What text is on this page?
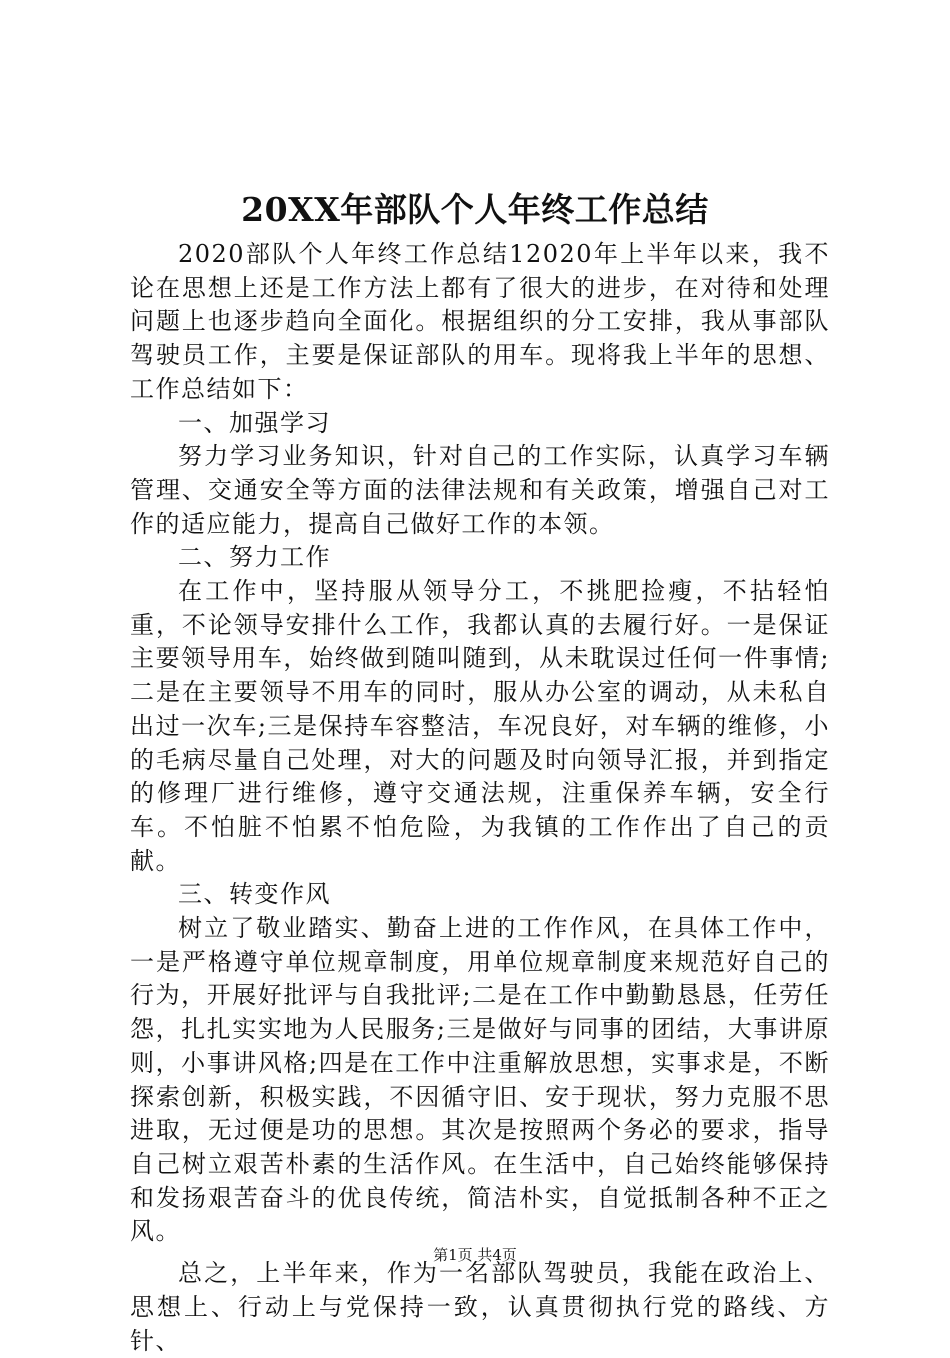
20XX年部队个人年终工作总结

2020部队个人年终工作总结12020年上半年以来，我不论在思想上还是工作方法上都有了很大的进步，在对待和处理问题上也逐步趋向全面化。根据组织的分工安排，我从事部队驾驶员工作，主要是保证部队的用车。现将我上半年的思想、工作总结如下：

一、加强学习

努力学习业务知识，针对自己的工作实际，认真学习车辆管理、交通安全等方面的法律法规和有关政策，增强自己对工作的适应能力，提高自己做好工作的本领。

二、努力工作

在工作中，坚持服从领导分工，不挑肥捡瘦，不拈轻怕重，不论领导安排什么工作，我都认真的去履行好。一是保证主要领导用车，始终做到随叫随到，从未耽误过任何一件事情;二是在主要领导不用车的同时，服从办公室的调动，从未私自出过一次车;三是保持车容整洁，车况良好，对车辆的维修，小的毛病尽量自己处理，对大的问题及时向领导汇报，并到指定的修理厂进行维修，遵守交通法规，注重保养车辆，安全行车。不怕脏不怕累不怕危险，为我镇的工作作出了自己的贡献。

三、转变作风

树立了敬业踏实、勤奋上进的工作作风，在具体工作中，一是严格遵守单位规章制度，用单位规章制度来规范好自己的行为，开展好批评与自我批评;二是在工作中勤勤恳恳，任劳任怨，扎扎实实地为人民服务;三是做好与同事的团结，大事讲原则，小事讲风格;四是在工作中注重解放思想，实事求是，不断探索创新，积极实践，不因循守旧、安于现状，努力克服不思进取，无过便是功的思想。其次是按照两个务必的要求，指导自己树立艰苦朴素的生活作风。在生活中，自己始终能够保持和发扬艰苦奋斗的优良传统，简洁朴实，自觉抵制各种不正之风。

总之，上半年来，作为一名部队驾驶员，我能在政治上、思想上、行动上与党保持一致，认真贯彻执行党的路线、方针、

第1页 共4页
